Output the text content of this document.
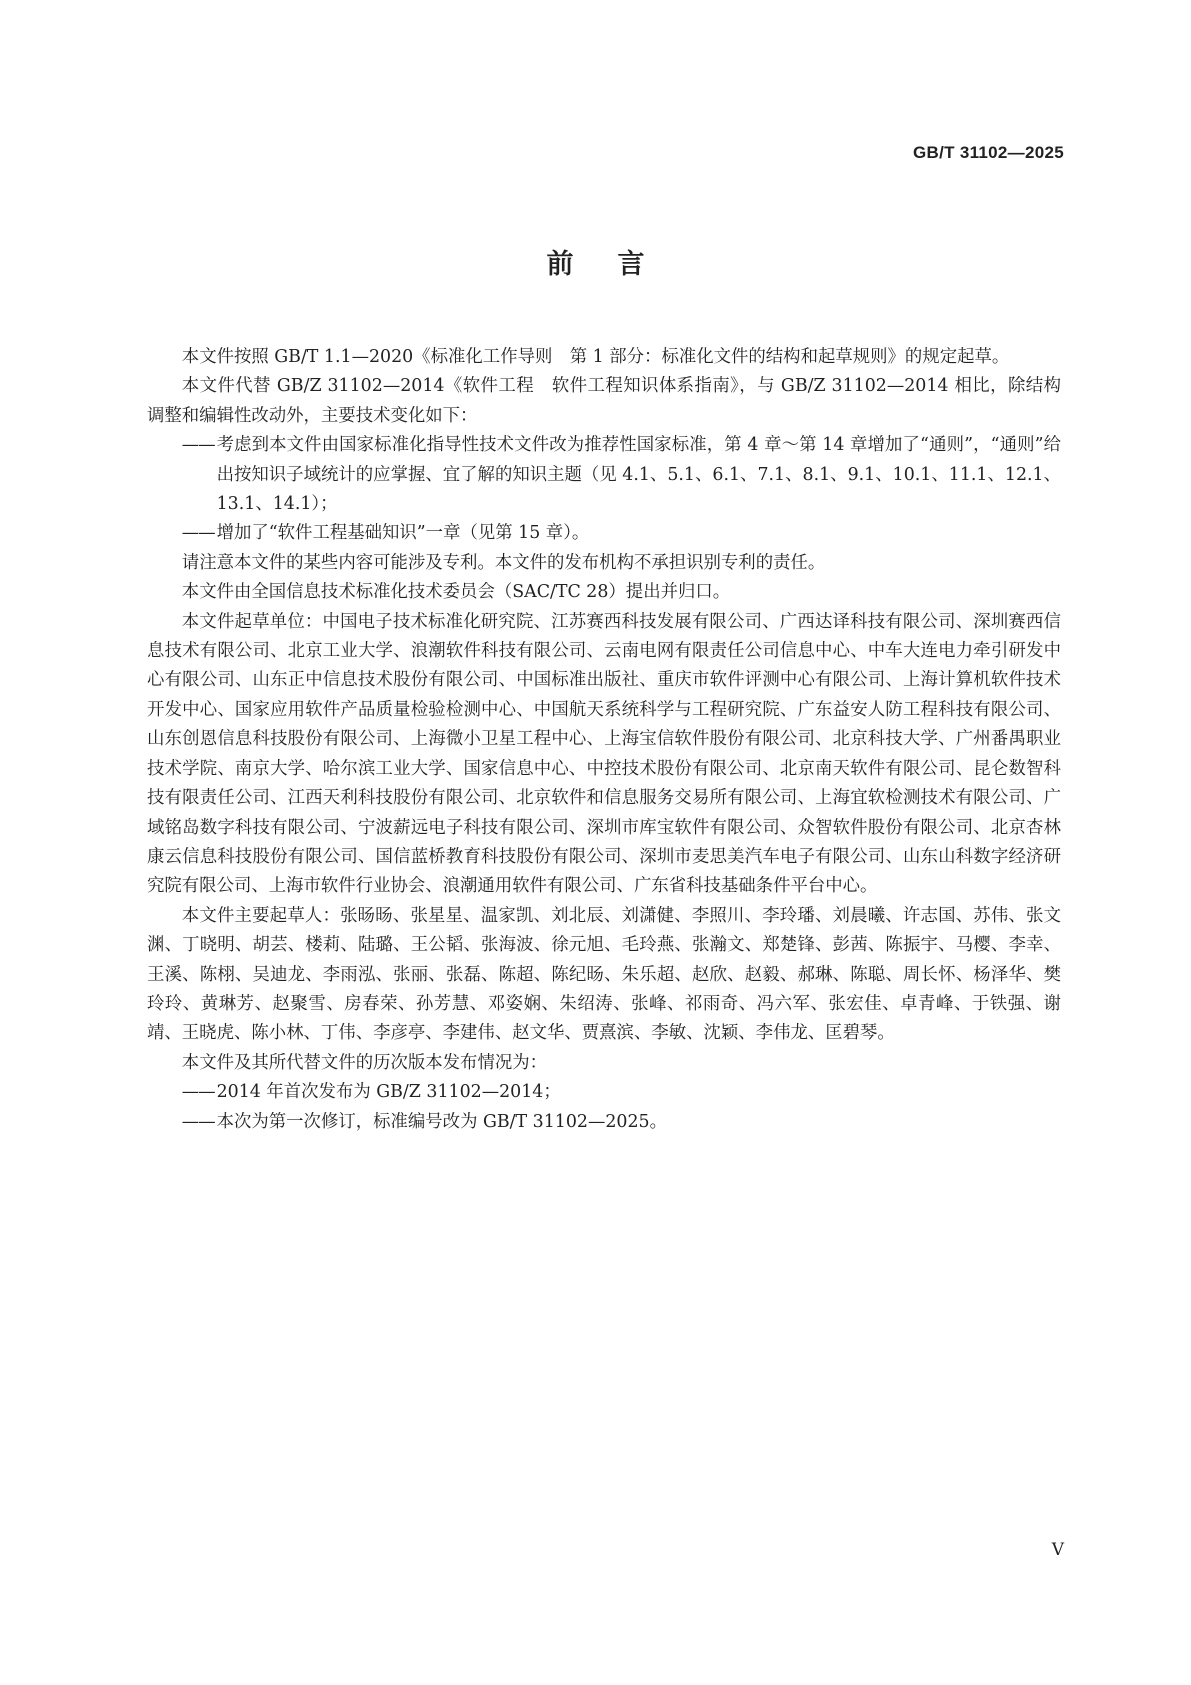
GB/T 31102—2025
前言

本文件按照 GB/T 1.1—2020《标准化工作导则　第 1 部分：标准化文件的结构和起草规则》的规定起草。

本文件代替 GB/Z 31102—2014《软件工程　软件工程知识体系指南》，与 GB/Z 31102—2014 相比，除结构调整和编辑性改动外，主要技术变化如下：

—— 考虑到本文件由国家标准化指导性技术文件改为推荐性国家标准，第 4 章～第 14 章增加了“通则”，“通则”给出按知识子域统计的应掌握、宜了解的知识主题（见 4.1、5.1、6.1、7.1、8.1、9.1、10.1、11.1、12.1、13.1、14.1）；

—— 增加了“软件工程基础知识”一章（见第 15 章）。

请注意本文件的某些内容可能涉及专利。本文件的发布机构不承担识别专利的责任。

本文件由全国信息技术标准化技术委员会（SAC/TC 28）提出并归口。

本文件起草单位：中国电子技术标准化研究院、江苏赛西科技发展有限公司、广西达译科技有限公司、深圳赛西信息技术有限公司、北京工业大学、浪潮软件科技有限公司、云南电网有限责任公司信息中心、中车大连电力牵引研发中心有限公司、山东正中信息技术股份有限公司、中国标准出版社、重庆市软件评测中心有限公司、上海计算机软件技术开发中心、国家应用软件产品质量检验检测中心、中国航天系统科学与工程研究院、广东益安人防工程科技有限公司、山东创恩信息科技股份有限公司、上海微小卫星工程中心、上海宝信软件股份有限公司、北京科技大学、广州番禺职业技术学院、南京大学、哈尔滨工业大学、国家信息中心、中控技术股份有限公司、北京南天软件有限公司、昆仑数智科技有限责任公司、江西天利科技股份有限公司、北京软件和信息服务交易所有限公司、上海宜软检测技术有限公司、广域铭岛数字科技有限公司、宁波薪远电子科技有限公司、深圳市库宝软件有限公司、众智软件股份有限公司、北京杏林康云信息科技股份有限公司、国信蓝桥教育科技股份有限公司、深圳市麦思美汽车电子有限公司、山东山科数字经济研究院有限公司、上海市软件行业协会、浪潮通用软件有限公司、广东省科技基础条件平台中心。

本文件主要起草人：张旸旸、张星星、温家凯、刘北辰、刘潇健、李照川、李玲璠、刘晨曦、许志国、苏伟、张文渊、丁晓明、胡芸、楼莉、陆璐、王公韬、张海波、徐元旭、毛玲燕、张瀚文、郑楚锋、彭茜、陈振宇、马樱、李幸、王溪、陈栩、吴迪龙、李雨泓、张丽、张磊、陈超、陈纪旸、朱乐超、赵欣、赵毅、郝琳、陈聪、周长怀、杨泽华、樊玲玲、黄琳芳、赵聚雪、房春荣、孙芳慧、邓姿娴、朱绍涛、张峰、祁雨奇、冯六军、张宏佳、卓青峰、于铁强、谢靖、王晓虎、陈小林、丁伟、李彦亭、李建伟、赵文华、贾熹滨、李敏、沈颖、李伟龙、匡碧琴。

本文件及其所代替文件的历次版本发布情况为：

—— 2014 年首次发布为 GB/Z 31102—2014；

—— 本次为第一次修订，标准编号改为 GB/T 31102—2025。

V
